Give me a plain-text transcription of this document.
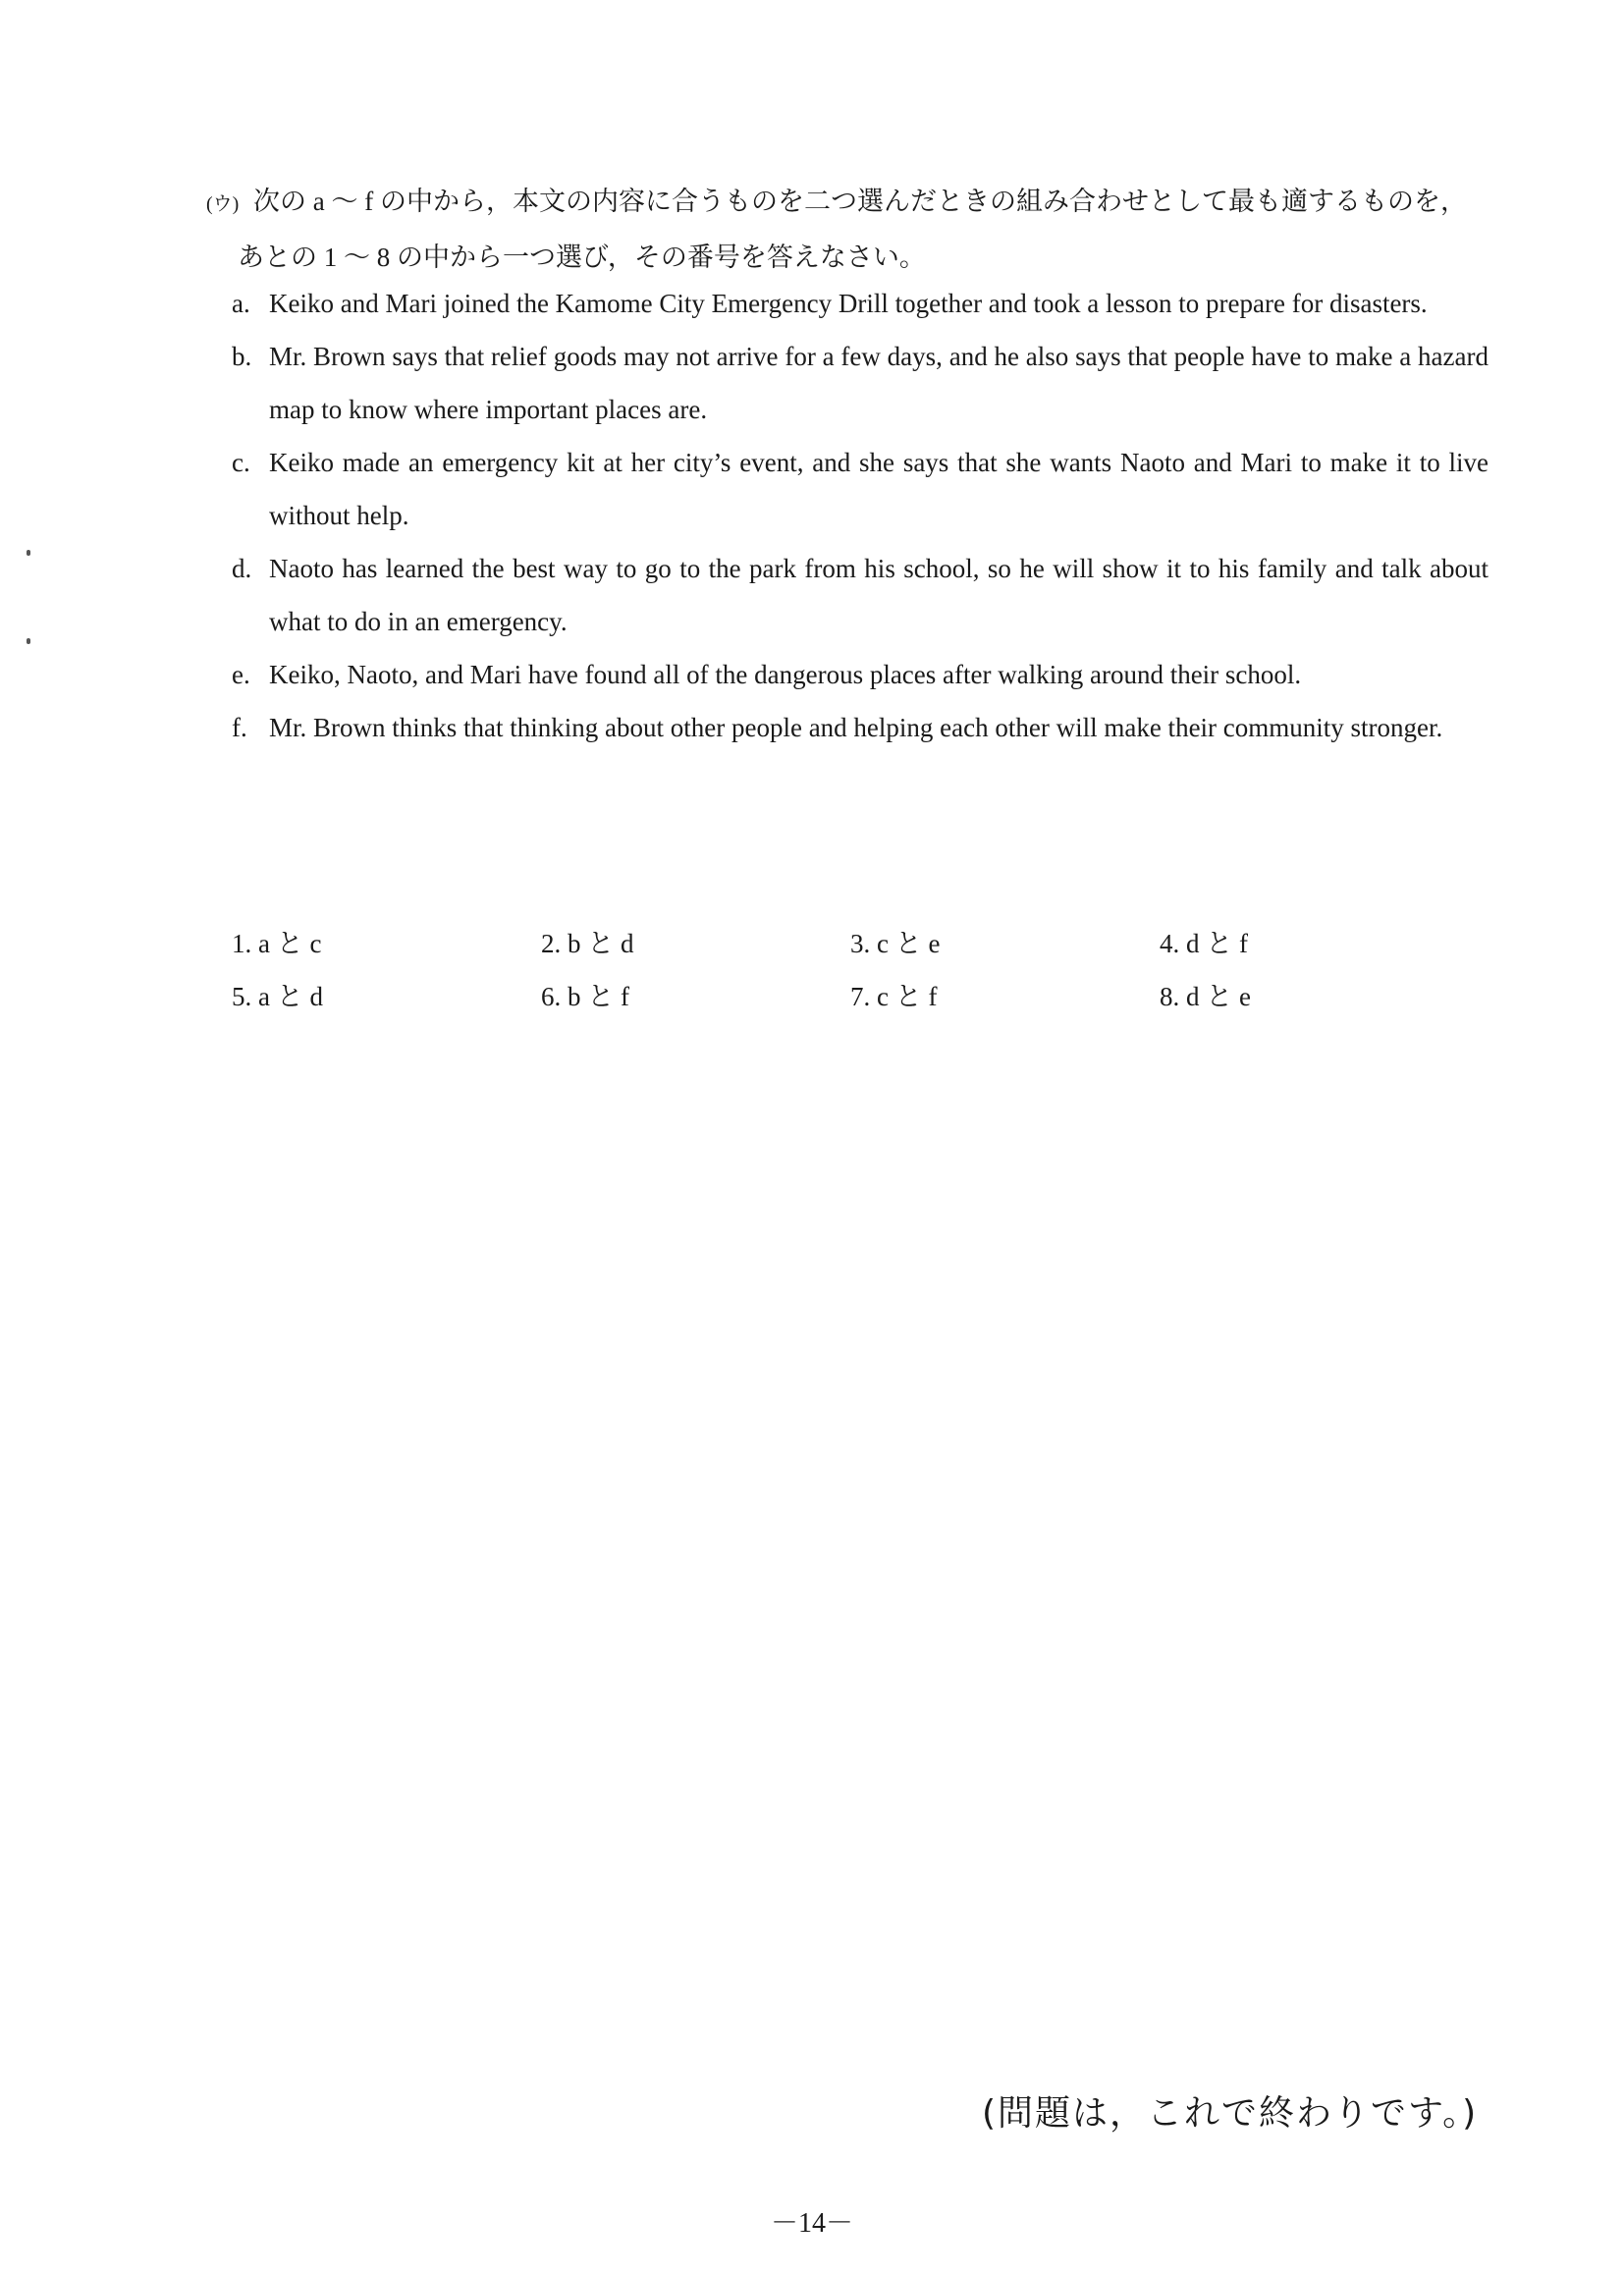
(ウ) 次の a ～ f の中から，本文の内容に合うものを二つ選んだときの組み合わせとして最も適するものを，
あとの 1 ～ 8 の中から一つ選び，その番号を答えなさい。
a. Keiko and Mari joined the Kamome City Emergency Drill together and took a lesson to prepare for disasters.
b. Mr. Brown says that relief goods may not arrive for a few days, and he also says that people have to make a hazard map to know where important places are.
c. Keiko made an emergency kit at her city’s event, and she says that she wants Naoto and Mari to make it to live without help.
d. Naoto has learned the best way to go to the park from his school, so he will show it to his family and talk about what to do in an emergency.
e. Keiko, Naoto, and Mari have found all of the dangerous places after walking around their school.
f. Mr. Brown thinks that thinking about other people and helping each other will make their community stronger.
1. a と c	2. b と d	3. c と e	4. d と f
5. a と d	6. b と f	7. c と f	8. d と e
(問題は，これで終わりです。)
－14－
